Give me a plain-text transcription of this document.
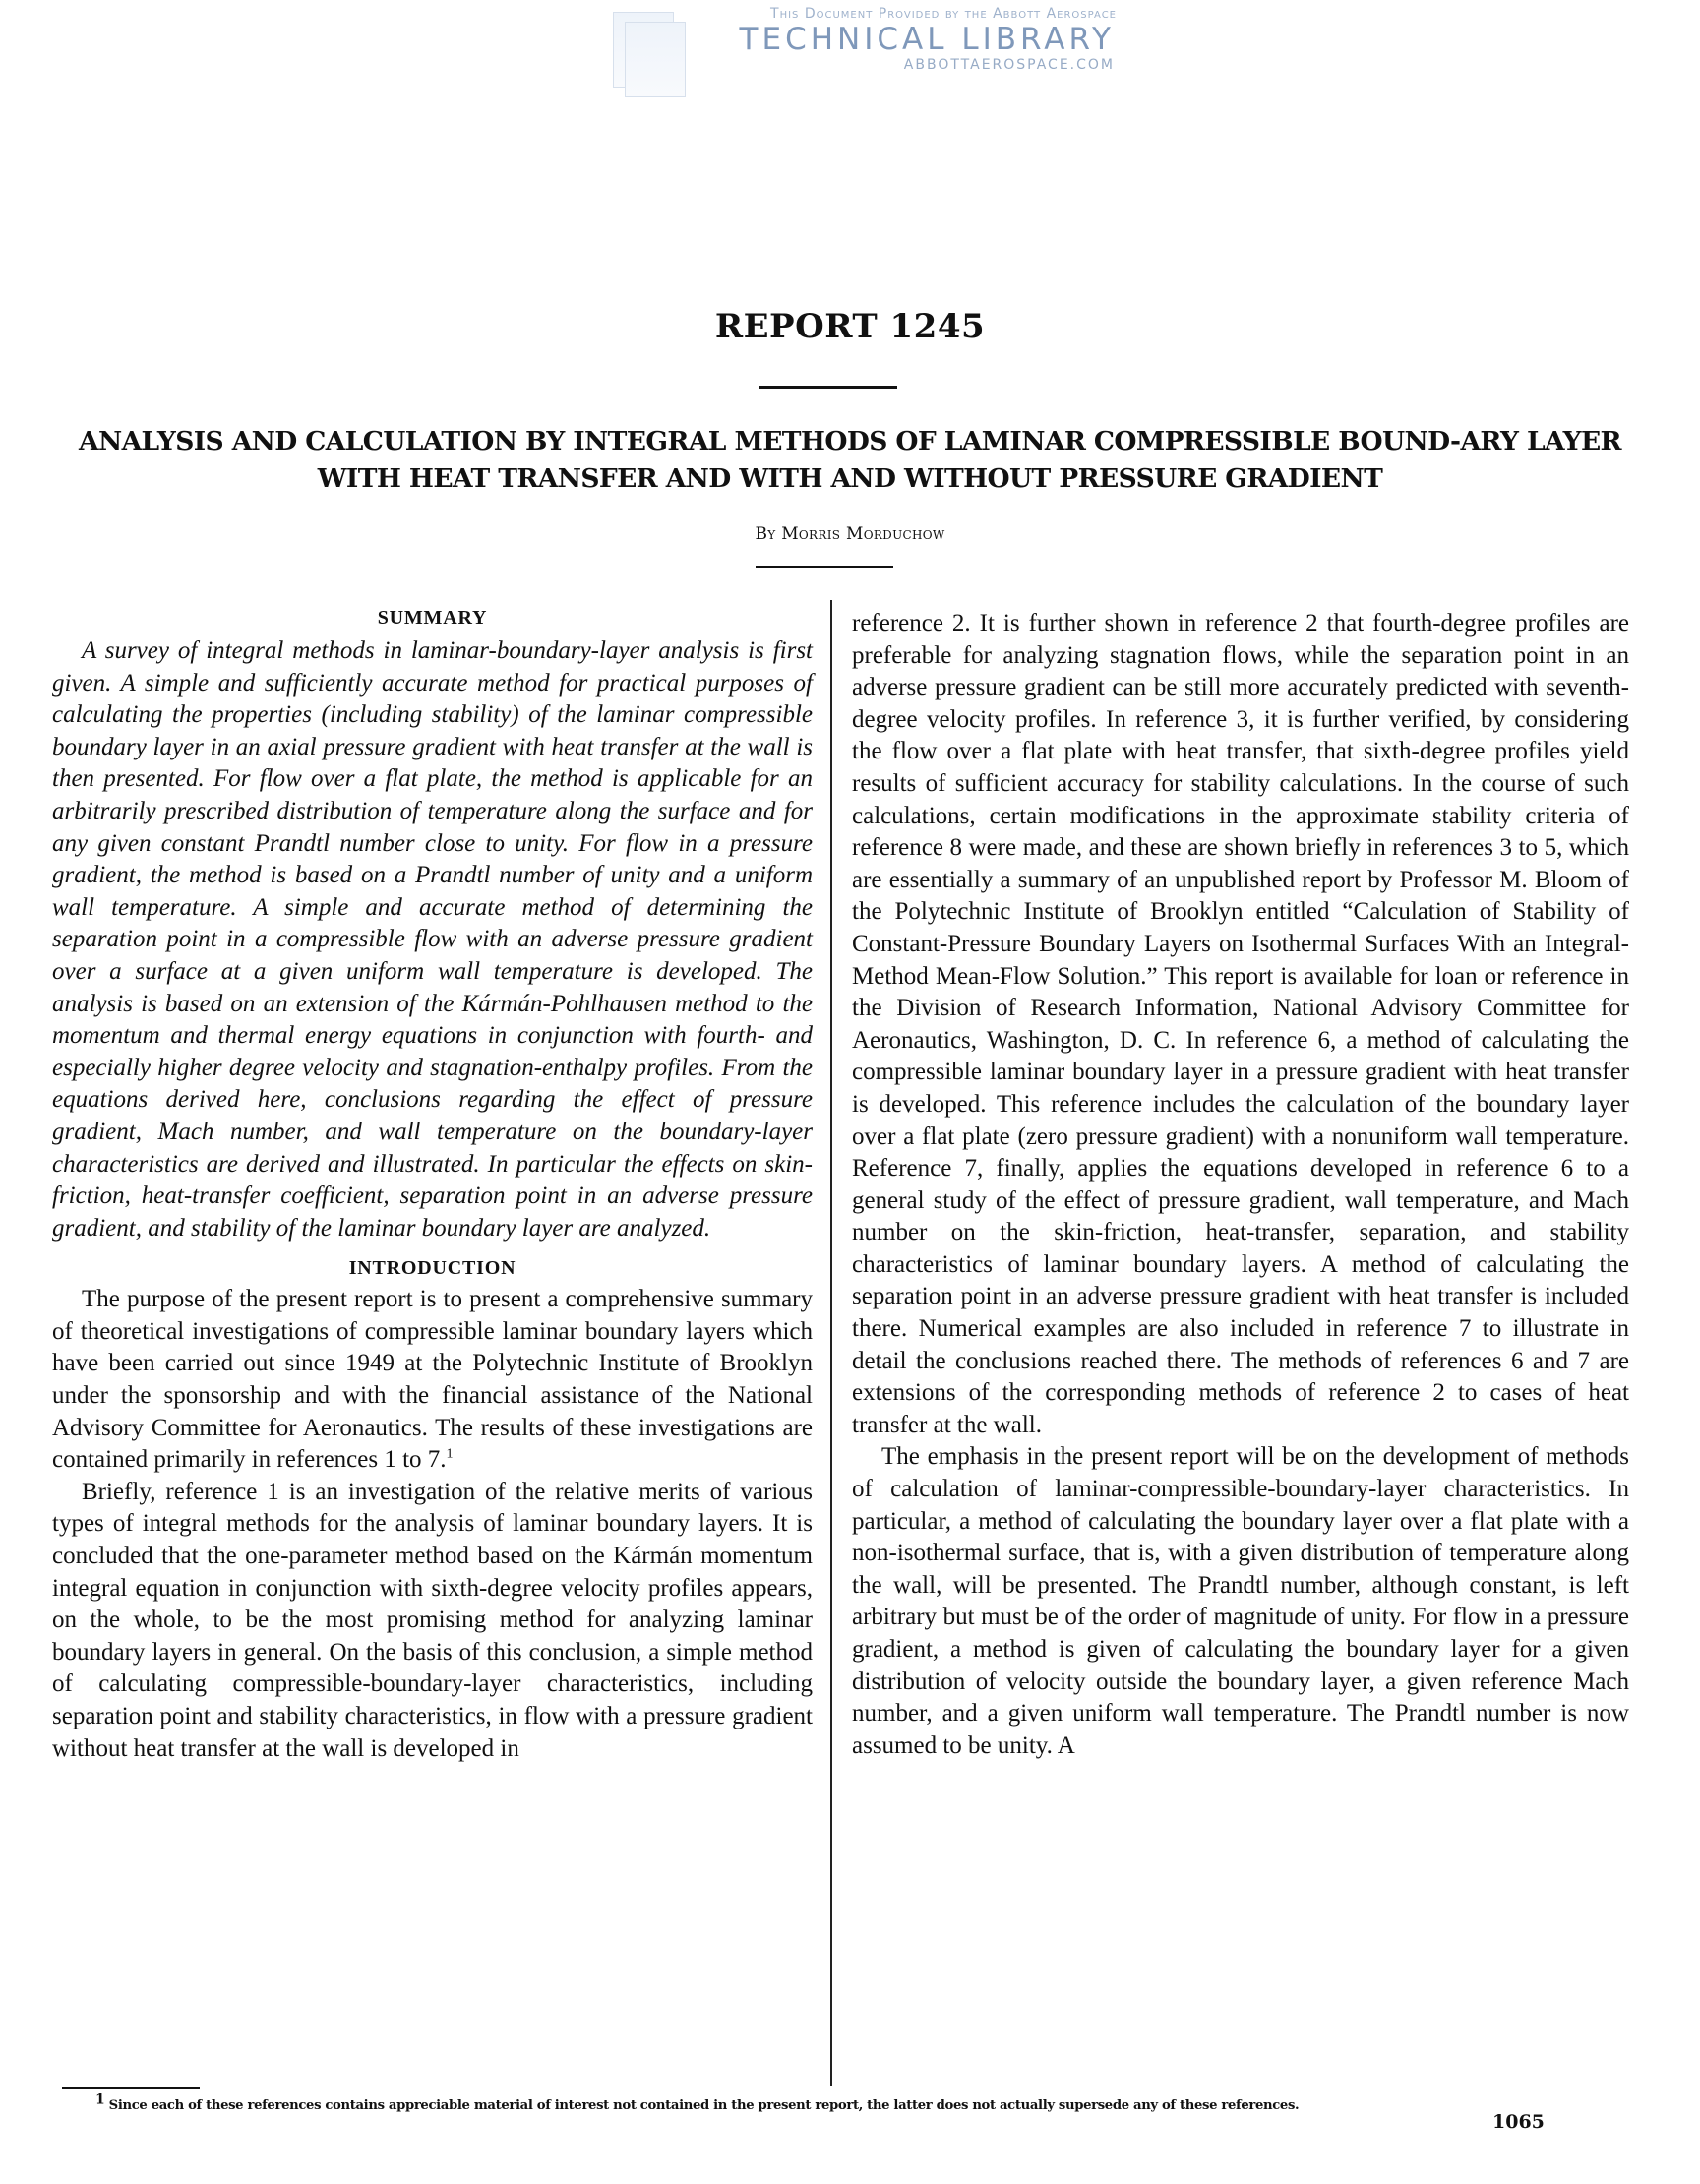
This Document Provided by the Abbott Aerospace
TECHNICAL LIBRARY
ABBOTTAEROSPACE.COM
REPORT 1245
ANALYSIS AND CALCULATION BY INTEGRAL METHODS OF LAMINAR COMPRESSIBLE BOUND-ARY LAYER WITH HEAT TRANSFER AND WITH AND WITHOUT PRESSURE GRADIENT
By Morris Morduchow
SUMMARY

A survey of integral methods in laminar-boundary-layer analysis is first given. A simple and sufficiently accurate method for practical purposes of calculating the properties (including stability) of the laminar compressible boundary layer in an axial pressure gradient with heat transfer at the wall is then presented. For flow over a flat plate, the method is applicable for an arbitrarily prescribed distribution of temperature along the surface and for any given constant Prandtl number close to unity. For flow in a pressure gradient, the method is based on a Prandtl number of unity and a uniform wall temperature. A simple and accurate method of determining the separation point in a compressible flow with an adverse pressure gradient over a surface at a given uniform wall temperature is developed. The analysis is based on an extension of the Kármán-Pohlhausen method to the momentum and thermal energy equations in conjunction with fourth- and especially higher degree velocity and stagnation-enthalpy profiles. From the equations derived here, conclusions regarding the effect of pressure gradient, Mach number, and wall temperature on the boundary-layer characteristics are derived and illustrated. In particular the effects on skin-friction, heat-transfer coefficient, separation point in an adverse pressure gradient, and stability of the laminar boundary layer are analyzed.

INTRODUCTION

The purpose of the present report is to present a comprehensive summary of theoretical investigations of compressible laminar boundary layers which have been carried out since 1949 at the Polytechnic Institute of Brooklyn under the sponsorship and with the financial assistance of the National Advisory Committee for Aeronautics. The results of these investigations are contained primarily in references 1 to 7.$^1$

Briefly, reference 1 is an investigation of the relative merits of various types of integral methods for the analysis of laminar boundary layers. It is concluded that the one-parameter method based on the Kármán momentum integral equation in conjunction with sixth-degree velocity profiles appears, on the whole, to be the most promising method for analyzing laminar boundary layers in general. On the basis of this conclusion, a simple method of calculating compressible-boundary-layer characteristics, including separation point and stability characteristics, in flow with a pressure gradient without heat transfer at the wall is developed in

reference 2. It is further shown in reference 2 that fourth-degree profiles are preferable for analyzing stagnation flows, while the separation point in an adverse pressure gradient can be still more accurately predicted with seventh-degree velocity profiles. In reference 3, it is further verified, by considering the flow over a flat plate with heat transfer, that sixth-degree profiles yield results of sufficient accuracy for stability calculations. In the course of such calculations, certain modifications in the approximate stability criteria of reference 8 were made, and these are shown briefly in references 3 to 5, which are essentially a summary of an unpublished report by Professor M. Bloom of the Polytechnic Institute of Brooklyn entitled “Calculation of Stability of Constant-Pressure Boundary Layers on Isothermal Surfaces With an Integral-Method Mean-Flow Solution.” This report is available for loan or reference in the Division of Research Information, National Advisory Committee for Aeronautics, Washington, D. C. In reference 6, a method of calculating the compressible laminar boundary layer in a pressure gradient with heat transfer is developed. This reference includes the calculation of the boundary layer over a flat plate (zero pressure gradient) with a nonuniform wall temperature. Reference 7, finally, applies the equations developed in reference 6 to a general study of the effect of pressure gradient, wall temperature, and Mach number on the skin-friction, heat-transfer, separation, and stability characteristics of laminar boundary layers. A method of calculating the separation point in an adverse pressure gradient with heat transfer is included there. Numerical examples are also included in reference 7 to illustrate in detail the conclusions reached there. The methods of references 6 and 7 are extensions of the corresponding methods of reference 2 to cases of heat transfer at the wall.

The emphasis in the present report will be on the development of methods of calculation of laminar-compressible-boundary-layer characteristics. In particular, a method of calculating the boundary layer over a flat plate with a non-isothermal surface, that is, with a given distribution of temperature along the wall, will be presented. The Prandtl number, although constant, is left arbitrary but must be of the order of magnitude of unity. For flow in a pressure gradient, a method is given of calculating the boundary layer for a given distribution of velocity outside the boundary layer, a given reference Mach number, and a given uniform wall temperature. The Prandtl number is now assumed to be unity. A

$^1$ Since each of these references contains appreciable material of interest not contained in the present report, the latter does not actually supersede any of these references.
1065
